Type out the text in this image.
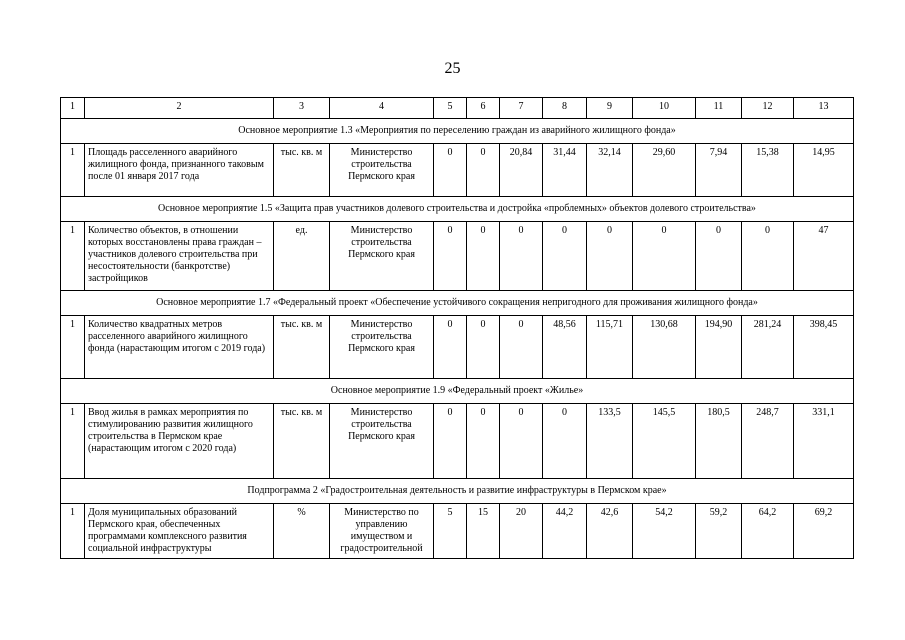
25
1	2	3	4	5	6	7	8	9	10	11	12	13
Основное мероприятие 1.3 «Мероприятия по переселению граждан из аварийного жилищного фонда»												
1	Площадь расселенного аварийного жилищного фонда, признанного таковым после 01 января 2017 года	тыс. кв. м	Министерство строительства Пермского края	0	0	20,84	31,44	32,14	29,60	7,94	15,38	14,95
Основное мероприятие 1.5 «Защита прав участников долевого строительства и достройка «проблемных» объектов долевого строительства»												
1	Количество объектов, в отношении которых восстановлены права граждан – участников долевого строительства при несостоятельности (банкротстве) застройщиков	ед.	Министерство строительства Пермского края	0	0	0	0	0	0	0	0	47
Основное мероприятие 1.7 «Федеральный проект «Обеспечение устойчивого сокращения непригодного для проживания жилищного фонда»												
1	Количество квадратных метров расселенного аварийного жилищного фонда (нарастающим итогом с 2019 года)	тыс. кв. м	Министерство строительства Пермского края	0	0	0	48,56	115,71	130,68	194,90	281,24	398,45
Основное мероприятие 1.9 «Федеральный проект «Жилье»												
1	Ввод жилья в рамках мероприятия по стимулированию развития жилищного строительства в Пермском крае (нарастающим итогом с 2020 года)	тыс. кв. м	Министерство строительства Пермского края	0	0	0	0	133,5	145,5	180,5	248,7	331,1
Подпрограмма 2 «Градостроительная деятельность и развитие инфраструктуры в Пермском крае»												
1	Доля муниципальных образований Пермского края, обеспеченных программами комплексного развития социальной инфраструктуры	%	Министерство по управлению имуществом и градостроительной	5	15	20	44,2	42,6	54,2	59,2	64,2	69,2
